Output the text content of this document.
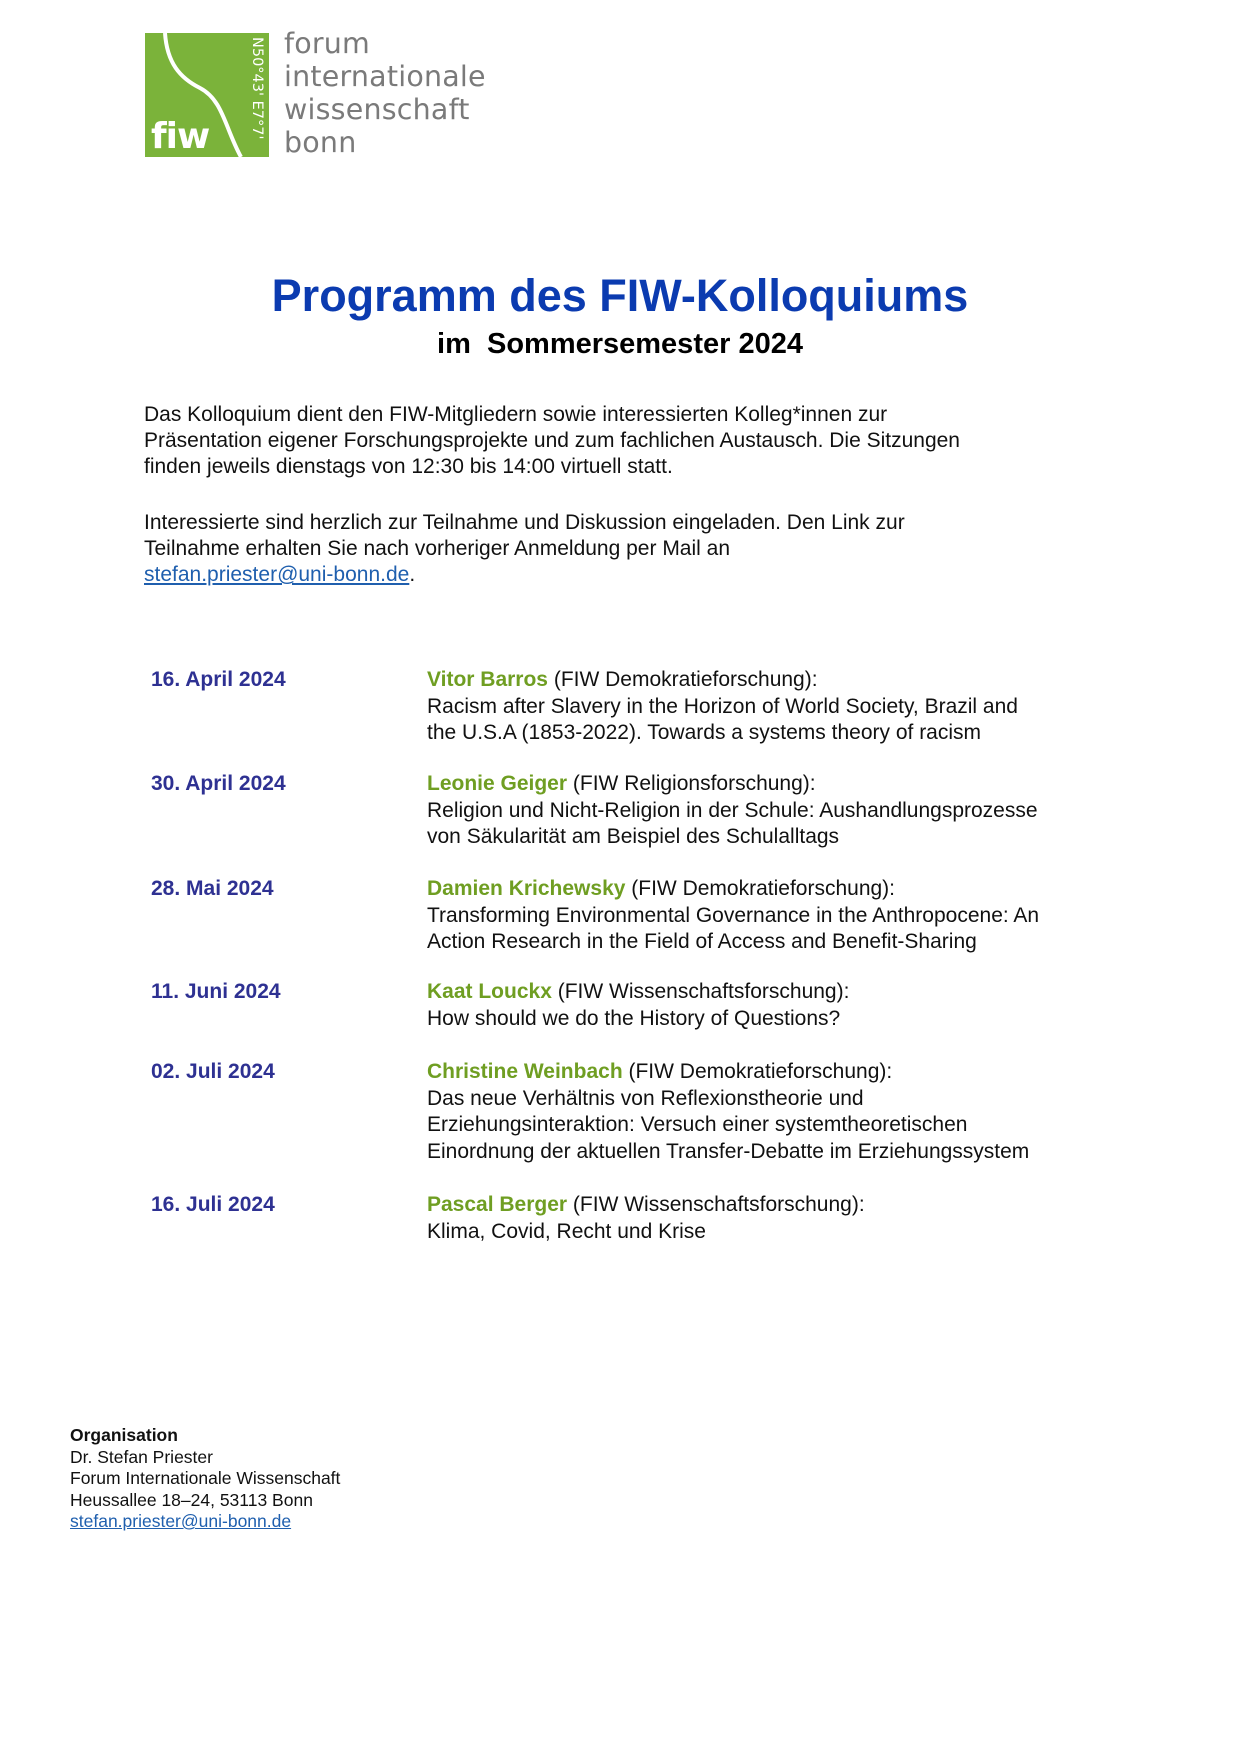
fiw	N50°43' E7°7' forum
internationale
wissenschaft
bonn
Programm des FIW-Kolloquiums
im  Sommersemester 2024

Das Kolloquium dient den FIW-Mitgliedern sowie interessierten Kolleg*innen zur

Präsentation eigener Forschungsprojekte und zum fachlichen Austausch. Die Sitzungen

finden jeweils dienstags von 12:30 bis 14:00 virtuell statt.

Interessierte sind herzlich zur Teilnahme und Diskussion eingeladen. Den Link zur

Teilnahme erhalten Sie nach vorheriger Anmeldung per Mail an

stefan.priester@uni-bonn.de.

16. April 2024	Vitor Barros (FIW Demokratieforschung):
Racism after Slavery in the Horizon of World Society, Brazil and
the U.S.A (1853-2022). Towards a systems theory of racism
30. April 2024	Leonie Geiger (FIW Religionsforschung):
Religion und Nicht-Religion in der Schule: Aushandlungsprozesse
von Säkularität am Beispiel des Schulalltags
28. Mai 2024	Damien Krichewsky (FIW Demokratieforschung):
Transforming Environmental Governance in the Anthropocene: An
Action Research in the Field of Access and Benefit-Sharing
11. Juni 2024	Kaat Louckx (FIW Wissenschaftsforschung):
How should we do the History of Questions?
02. Juli 2024	Christine Weinbach (FIW Demokratieforschung):
Das neue Verhältnis von Reflexionstheorie und
Erziehungsinteraktion: Versuch einer systemtheoretischen
Einordnung der aktuellen Transfer-Debatte im Erziehungssystem
16. Juli 2024	Pascal Berger (FIW Wissenschaftsforschung):
Klima, Covid, Recht und Krise
Organisation
Dr. Stefan Priester
Forum Internationale Wissenschaft
Heussallee 18–24, 53113 Bonn
stefan.priester@uni-bonn.de
